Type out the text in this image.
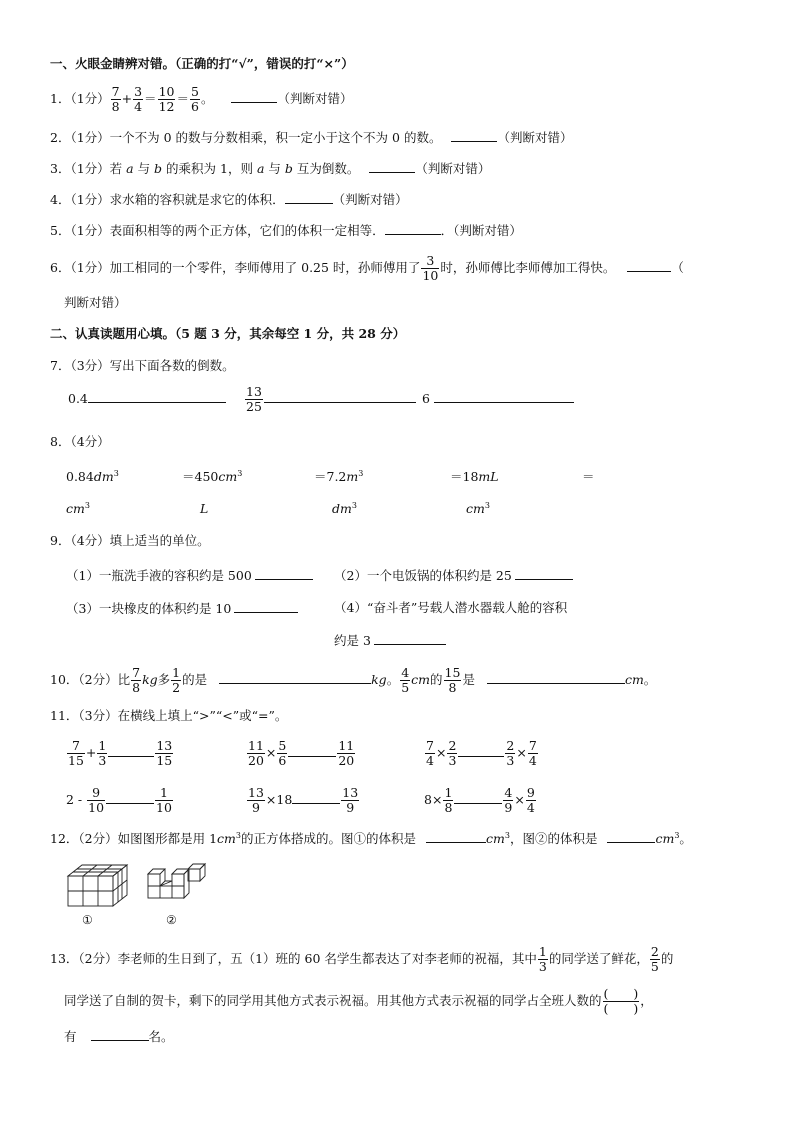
一、火眼金睛辨对错。（正确的打“√”，错误的打“×”）
1．（1分） $\frac{7}{8} + \frac{3}{4} = \frac{10}{12} = \frac{5}{6}$ 。	（判断对错）
2．（1分）一个不为 0 的数与分数相乘，积一定小于这个不为 0 的数。	（判断对错）
3．（1分）若 a 与 b 的乘积为 1，则 a 与 b 互为倒数。	（判断对错）
4．（1分）求水箱的容积就是求它的体积．	（判断对错）
5．（1分）表面积相等的两个正方体，它们的体积一定相等．	．（判断对错）
6．（1分）加工相同的一个零件，李师傅用了 0.25 时，孙师傅用了 $\frac{3}{10}$ 时，孙师傅比李师傅加工得快。	（
判断对错）
二、认真读题用心填。（5 题 3 分，其余每空 1 分，共 28 分）
7．（3分）写出下面各数的倒数。
0.4	$\frac{13}{25}$	6
8．（4分）
$0.84dm^3$	$=450cm^3$	$=7.2m^3$	＝18mL	＝
$cm^3$	L	$dm^3$	$cm^3$
9．（4分）填上适当的单位。
（1）一瓶洗手液的容积约是 500	（2）一个电饭锅的体积约是 25
（3）一块橡皮的体积约是 10	（4）“奋斗者”号载人潜水器载人舱的容积
约是 3
10．（2分）比 $\frac{7}{8}$ kg多 $\frac{1}{2}$ 的是	kg。 $\frac{4}{5}$ cm的 $\frac{15}{8}$ 是	cm。
11．（3分）在横线上填上“>”“<”或“=”。
$\frac{7}{15} + \frac{1}{3}$	$\frac{13}{15}$	$\frac{11}{20} \times \frac{5}{6}$	$\frac{11}{20}$	$\frac{7}{4} \times \frac{2}{3}$	$\frac{2}{3} \times \frac{7}{4}$
$2 - \frac{9}{10}$	$\frac{1}{10}$	$\frac{13}{9} \times 18$	$\frac{13}{9}$	$8\times \frac{1}{8}$	$\frac{4}{9} \times \frac{9}{4}$
12．（2分）如图图形都是用 $1cm^3$的正方体搭成的。图①的体积是	$cm^3$，图②的体积是	$cm^3$。
①	②
13．（2分）李老师的生日到了，五（1）班的 60 名学生都表达了对李老师的祝福，其中 $\frac{1}{3}$ 的同学送了鲜花， $\frac{2}{5}$ 的
同学送了自制的贺卡，剩下的同学用其他方式表示祝福。用其他方式表示祝福的同学占全班人数的 $\frac{( )}{( )}$ ，
有	名。
